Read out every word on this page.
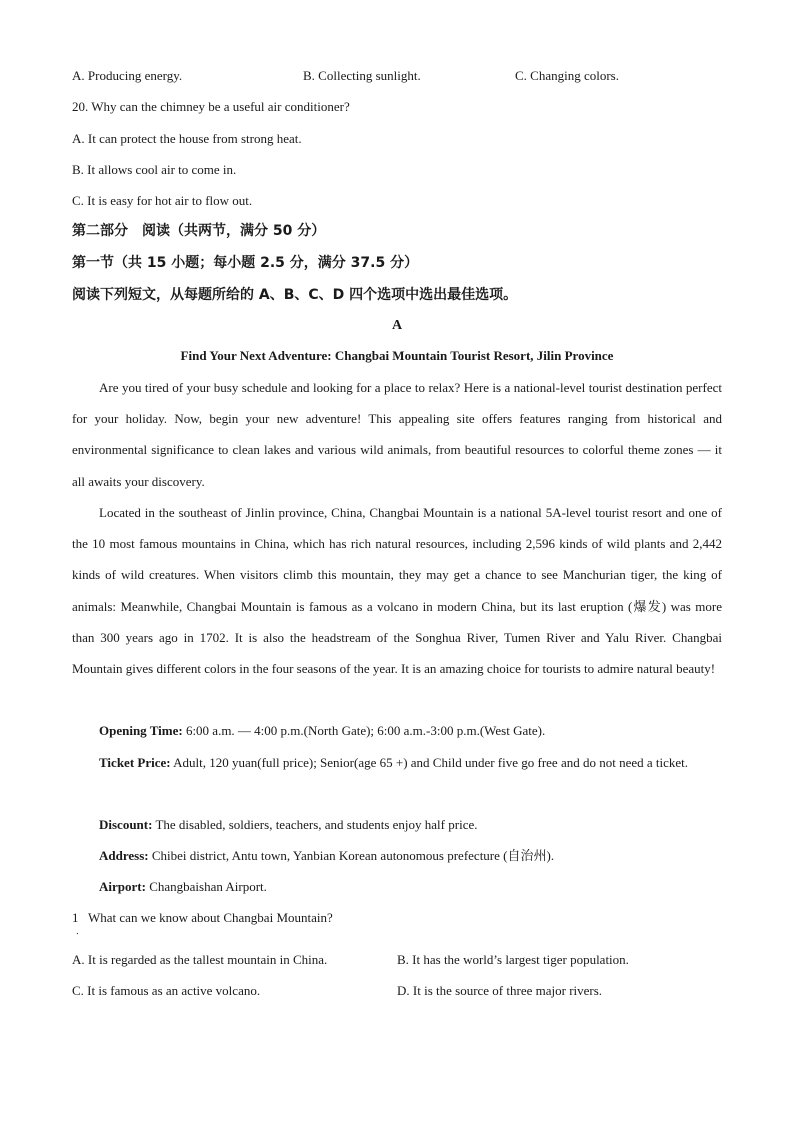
A. Producing energy.	B. Collecting sunlight.	C. Changing colors.
20. Why can the chimney be a useful air conditioner?
A. It can protect the house from strong heat.
B. It allows cool air to come in.
C. It is easy for hot air to flow out.
第二部分　阅读（共两节，满分 50 分）
第一节（共 15 小题；每小题 2.5 分，满分 37.5 分）
阅读下列短文，从每题所给的 A、B、C、D 四个选项中选出最佳选项。
A
Find Your Next Adventure: Changbai Mountain Tourist Resort, Jilin Province
Are you tired of your busy schedule and looking for a place to relax? Here is a national-level tourist destination perfect for your holiday. Now, begin your new adventure! This appealing site offers features ranging from historical and environmental significance to clean lakes and various wild animals, from beautiful resources to colorful theme zones — it all awaits your discovery.
Located in the southeast of Jinlin province, China, Changbai Mountain is a national 5A-level tourist resort and one of the 10 most famous mountains in China, which has rich natural resources, including 2,596 kinds of wild plants and 2,442 kinds of wild creatures. When visitors climb this mountain, they may get a chance to see Manchurian tiger, the king of animals: Meanwhile, Changbai Mountain is famous as a volcano in modern China, but its last eruption (爆发) was more than 300 years ago in 1702. It is also the headstream of the Songhua River, Tumen River and Yalu River. Changbai Mountain gives different colors in the four seasons of the year. It is an amazing choice for tourists to admire natural beauty!
Opening Time: 6:00 a.m. — 4:00 p.m.(North Gate); 6:00 a.m.-3:00 p.m.(West Gate).
Ticket Price: Adult, 120 yuan(full price); Senior(age 65 +) and Child under five go free and do not need a ticket.
Discount: The disabled, soldiers, teachers, and students enjoy half price.
Address: Chibei district, Antu town, Yanbian Korean autonomous prefecture (自治州).
Airport: Changbaishan Airport.
1 What can we know about Changbai Mountain?
．
A. It is regarded as the tallest mountain in China.	B. It has the world’s largest tiger population.
C. It is famous as an active volcano.	D. It is the source of three major rivers.
